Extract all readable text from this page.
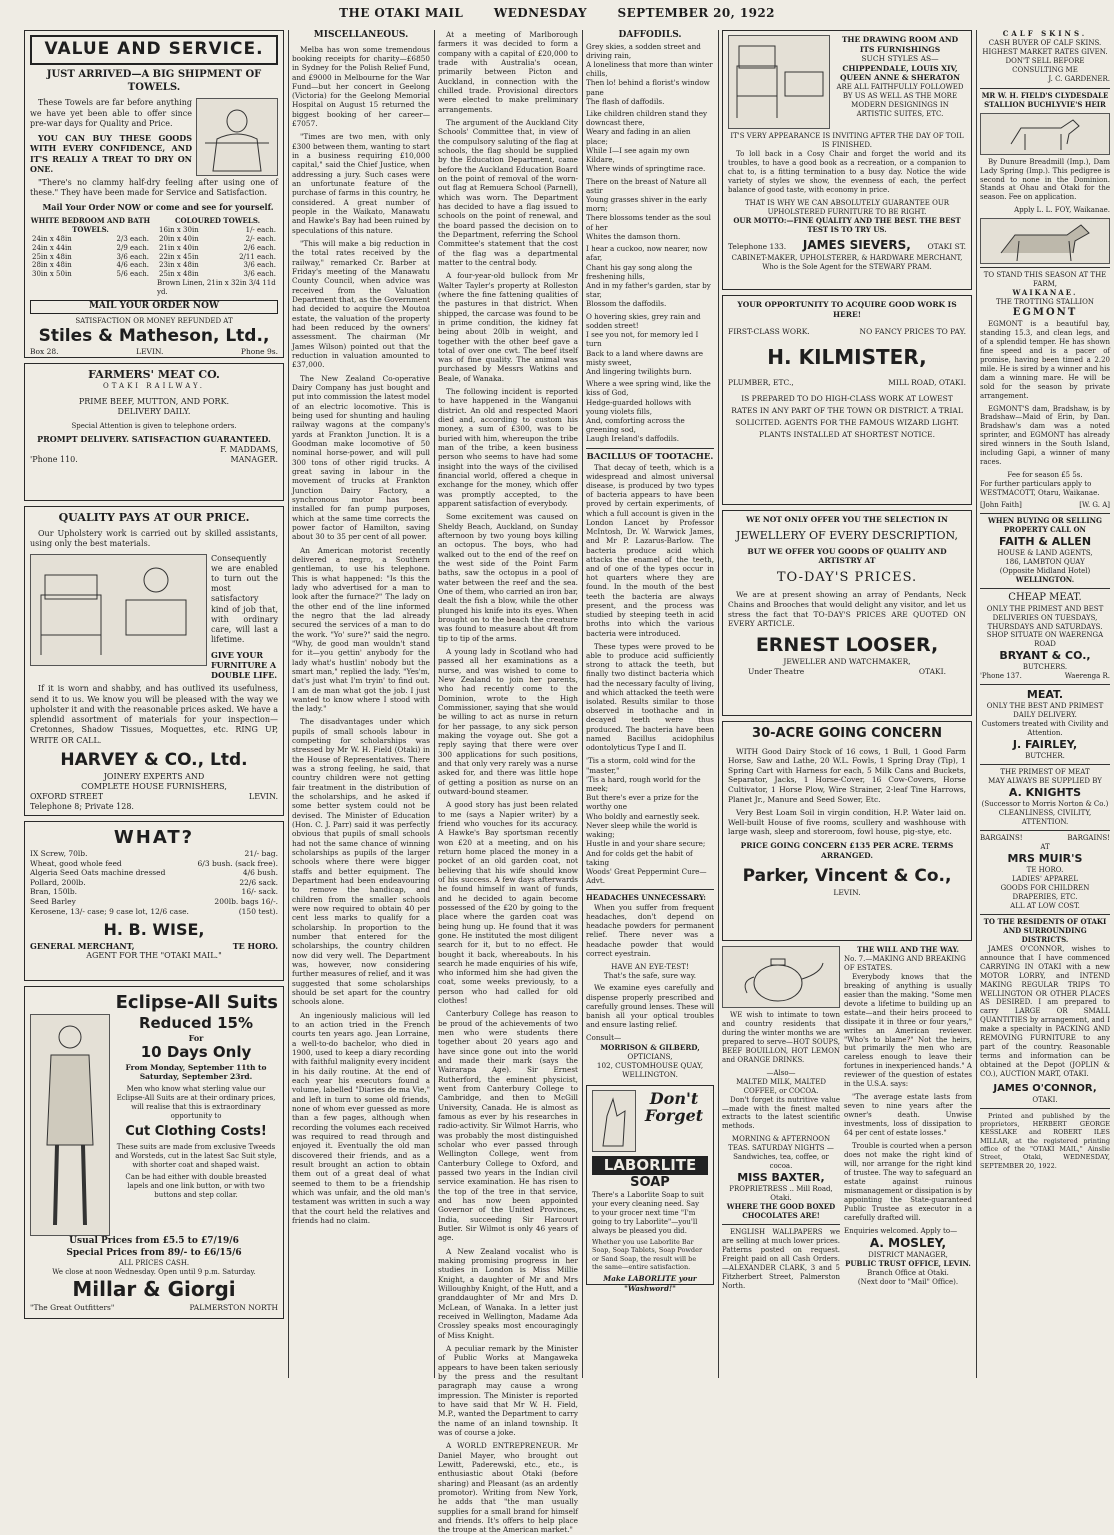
THE OTAKI MAIL	WEDNESDAY	SEPTEMBER 20, 1922
VALUE AND SERVICE.
JUST ARRIVED—A BIG SHIPMENT OF TOWELS.

These Towels are far before anything we have yet been able to offer since pre-war days for Quality and Price.

YOU CAN BUY THESE GOODS WITH EVERY CONFIDENCE, AND IT'S REALLY A TREAT TO DRY ON ONE.

"There's no clammy half-dry feeling after using one of these." They have been made for Service and Satisfaction.

Mail Your Order NOW or come and see for yourself.

WHITE BEDROOM AND BATH TOWELS.
24in x 48in	2/3 each.
24in x 44in	2/9 each.
25in x 48in	3/6 each.
28in x 48in	4/6 each.
30in x 50in	5/6 each.
COLOURED TOWELS.
16in x 30in	1/- each.
20in x 40in	2/- each.
21in x 40in	2/6 each.
22in x 45in	2/11 each.
23in x 48in	3/6 each.
25in x 48in	3/6 each.
Brown Linen, 21in x 32in 3/4 11d yd.
MAIL YOUR ORDER NOW
SATISFACTION OR MONEY REFUNDED AT
Stiles & Matheson, Ltd.,
Box 28.	LEVIN.	Phone 9s.
FARMERS' MEAT CO.
OTAKI RAILWAY.
PRIME BEEF, MUTTON, AND PORK.
DELIVERY DAILY.
Special Attention is given to telephone orders.
PROMPT DELIVERY. SATISFACTION GUARANTEED.
F. MADDAMS,
'Phone 110.	MANAGER.
QUALITY PAYS AT OUR PRICE.

Our Upholstery work is carried out by skilled assistants, using only the best materials.

Consequently we are enabled to turn out the most satisfactory kind of job that, with ordinary care, will last a lifetime.

GIVE YOUR FURNITURE A DOUBLE LIFE.

If it is worn and shabby, and has outlived its usefulness, send it to us. We know you will be pleased with the way we upholster it and with the reasonable prices asked. We have a splendid assortment of materials for your inspection—Cretonnes, Shadow Tissues, Moquettes, etc. RING UP, WRITE OR CALL.

HARVEY & CO., Ltd.
JOINERY EXPERTS AND
COMPLETE HOUSE FURNISHERS,
OXFORD STREET	LEVIN.
Telephone 8; Private 128.
WHAT?
IX Screw, 70lb.	21/- bag.
Wheat, good whole feed	6/3 bush. (sack free).
Algeria Seed Oats machine dressed	4/6 bush.
Pollard, 200lb.	22/6 sack.
Bran, 150lb.	16/- sack.
Seed Barley	200lb. bags 16/-.
Kerosene, 13/- case; 9 case lot, 12/6 case.	(150 test).
H. B. WISE,
GENERAL MERCHANT,	TE HORO.
AGENT FOR THE "OTAKI MAIL."
Eclipse-All Suits
Reduced 15%
For
10 Days Only
From Monday, September 11th to Saturday, September 23rd.
Men who know what sterling value our Eclipse-All Suits are at their ordinary prices, will realise that this is extraordinary opportunity to
Cut Clothing Costs!
These suits are made from exclusive Tweeds and Worsteds, cut in the latest Sac Suit style, with shorter coat and shaped waist.
Can be had either with double breasted lapels and one link button, or with two buttons and step collar.
Usual Prices from £5.5 to £7/19/6
Special Prices from 89/- to £6/15/6
ALL PRICES CASH.
We close at noon Wednesday. Open until 9 p.m. Saturday.
Millar & Giorgi
"The Great Outfitters"	PALMERSTON NORTH
MISCELLANEOUS.

Melba has won some tremendous booking receipts for charity—£6850 in Sydney for the Polish Relief Fund, and £9000 in Melbourne for the War Fund—but her concert in Geelong (Victoria) for the Geelong Memorial Hospital on August 15 returned the biggest booking of her career—£7057.

"Times are two men, with only £300 between them, wanting to start in a business requiring £10,000 capital," said the Chief Justice, when addressing a jury. Such cases were an unfortunate feature of the purchase of farms in this country, he considered. A great number of people in the Waikato, Manawatu and Hawke's Bay had been ruined by speculations of this nature.

"This will make a big reduction in the total rates received by the railway," remarked Cr. Barber at Friday's meeting of the Manawatu County Council, when advice was received from the Valuation Department that, as the Government had decided to acquire the Moutoa estate, the valuation of the property had been reduced by the owners' assessment. The chairman (Mr James Wilson) pointed out that the reduction in valuation amounted to £37,000.

The New Zealand Co-operative Dairy Company has just bought and put into commission the latest model of an electric locomotive. This is being used for shunting and hauling railway wagons at the company's yards at Frankton Junction. It is a Goodman make locomotive of 50 nominal horse-power, and will pull 300 tons of other rigid trucks. A great saving in labour in the movement of trucks at Frankton Junction Dairy Factory, a synchronous motor has been installed for fan pump purposes, which at the same time corrects the power factor of Hamilton, saving about 30 to 35 per cent of all power.

An American motorist recently delivered a negro, a Southern gentleman, to use his telephone. This is what happened: "Is this the lady who advertised for a man to look after the furnace?" The lady on the other end of the line informed the negro that the lad already secured the services of a man to do the work. "Yo' sure?" said the negro. "Why, de good man wouldn't stand for it—you gettin' anybody for the lady what's hustlin' nobody but the smart man," replied the lady. "Yes'm, dat's just what I'm tryin' to find out. I am de man what got the job. I just wanted to know where I stood with the lady."

The disadvantages under which pupils of small schools labour in competing for scholarships was stressed by Mr W. H. Field (Otaki) in the House of Representatives. There was a strong feeling, he said, that country children were not getting fair treatment in the distribution of the scholarships, and he asked if some better system could not be devised. The Minister of Education (Hon. C. J. Parr) said it was perfectly obvious that pupils of small schools had not the same chance of winning scholarships as pupils of the larger schools where there were bigger staffs and better equipment. The Department had been endeavouring to remove the handicap, and children from the smaller schools were now required to obtain 40 per cent less marks to qualify for a scholarship. In proportion to the number that entered for the scholarships, the country children now did very well. The Department was, however, now considering further measures of relief, and it was suggested that some scholarships should be set apart for the country schools alone.

An ingeniously malicious will led to an action tried in the French courts ten years ago. Jean Lorraine, a well-to-do bachelor, who died in 1900, used to keep a diary recording with faithful malignity every incident in his daily routine. At the end of each year his executors found a volume, labelled "Diaries de ma Vie," and left in turn to some old friends, none of whom ever guessed as more than a few pages, although when recording the volumes each received was required to read through and enjoyed it. Eventually the old man discovered their friends, and as a result brought an action to obtain them out of a great deal of what seemed to them to be a friendship which was unfair, and the old man's testament was written in such a way that the court held the relatives and friends had no claim.

At a meeting of Marlborough farmers it was decided to form a company with a capital of £20,000 to trade with Australia's ocean, primarily between Picton and Auckland, in connection with the chilled trade. Provisional directors were elected to make preliminary arrangements.

The argument of the Auckland City Schools' Committee that, in view of the compulsory saluting of the flag at schools, the flag should be supplied by the Education Department, came before the Auckland Education Board on the point of removal of the worn-out flag at Remuera School (Parnell), which was worn. The Department has decided to have a flag issued to schools on the point of renewal, and the board passed the decision on to the Department, referring the School Committee's statement that the cost of the flag was a departmental matter to the central body.

A four-year-old bullock from Mr Walter Tayler's property at Rolleston (where the fine fattening qualities of the pastures in that district. When shipped, the carcase was found to be in prime condition, the kidney fat being about 20lb in weight, and together with the other beef gave a total of over one cwt. The beef itself was of fine quality. The animal was purchased by Messrs Watkins and Beale, of Wanaka.

The following incident is reported to have happened in the Wanganui district. An old and respected Maori died and, according to custom his money, a sum of £300, was to be buried with him, whereupon the tribe man of the tribe, a keen business person who seems to have had some insight into the ways of the civilised financial world, offered a cheque in exchange for the money, which offer was promptly accepted, to the apparent satisfaction of everybody.

Some excitement was caused on Sheldy Beach, Auckland, on Sunday afternoon by two young boys killing an octopus. The boys, who had walked out to the end of the reef on the west side of the Point Farm baths, saw the octopus in a pool of water between the reef and the sea. One of them, who carried an iron bar, dealt the fish a blow, while the other plunged his knife into its eyes. When brought on to the beach the creature was found to measure about 4ft from tip to tip of the arms.

A young lady in Scotland who had passed all her examinations as a nurse, and was wished to come to New Zealand to join her parents, who had recently come to the Dominion, wrote to the High Commissioner, saying that she would be willing to act as nurse in return for her passage, to any sick person making the voyage out. She got a reply saying that there were over 300 applications for such positions, and that only very rarely was a nurse asked for, and there was little hope of getting a position as nurse on an outward-bound steamer.

A good story has just been related to me (says a Napier writer) by a friend who vouches for its accuracy. A Hawke's Bay sportsman recently won £20 at a meeting, and on his return home placed the money in a pocket of an old garden coat, not believing that his wife should know of his success. A few days afterwards he found himself in want of funds, and he decided to again become possessed of the £20 by going to the place where the garden coat was being hung up. He found that it was gone. He instituted the most diligent search for it, but to no effect. He bought it back, whereabouts. In his search he made enquiries of his wife, who informed him she had given the coat, some weeks previously, to a person who had called for old clothes!

Canterbury College has reason to be proud of the achievements of two men who were students there together about 20 years ago and have since gone out into the world and made their mark (says the Wairarapa Age). Sir Ernest Rutherford, the eminent physicist, went from Canterbury College to Cambridge, and then to McGill University, Canada. He is almost as famous as ever by his researches in radio-activity. Sir Wilmot Harris, who was probably the most distinguished scholar who ever passed through Wellington College, went from Canterbury College to Oxford, and passed two years in the Indian civil service examination. He has risen to the top of the tree in that service, and has now been appointed Governor of the United Provinces, India, succeeding Sir Harcourt Butler. Sir Wilmot is only 46 years of age.

A New Zealand vocalist who is making promising progress in her studies in London is Miss Millie Knight, a daughter of Mr and Mrs Willoughby Knight, of the Hutt, and a granddaughter of Mr and Mrs D. McLean, of Wanaka. In a letter just received in Wellington, Madame Ada Crossley speaks most encouragingly of Miss Knight.

A peculiar remark by the Minister of Public Works at Mangaweka appears to have been taken seriously by the press and the resultant paragraph may cause a wrong impression. The Minister is reported to have said that Mr W. H. Field, M.P., wanted the Department to carry the name of an inland township. It was of course a joke.

A WORLD ENTREPRENEUR. Mr Daniel Mayer, who brought out Lewitt, Paderewski, etc., etc., is enthusiastic about Otaki (before sharing) and Pleasant (as an ardently promotor). Writing from New York, he adds that "the man usually supplies for a small brand for himself and friends. It's offers to help place the troupe at the American market."

DAFFODILS.
Grey skies, a sodden street and driving rain,
A loneliness that more than winter chills,
Then lo! behind a florist's window pane
The flash of daffodils.
Like children children stand they downcast there,
Weary and fading in an alien place;
While I—I see again my own Kildare,
Where winds of springtime race.
There on the breast of Nature all astir
Young grasses shiver in the early morn;
There blossoms tender as the soul of her
Whites the damson thorn.
I hear a cuckoo, now nearer, now afar,
Chant his gay song along the freshening hills,
And in my father's garden, star by star,
Blossom the daffodils.
O hovering skies, grey rain and sodden street!
I see you not, for memory led I turn
Back to a land where dawns are misty sweet,
And lingering twilights burn.
Where a wee spring wind, like the kiss of God,
Hedge-guarded hollows with young violets fills,
And, comforting across the greening sod,
Laugh Ireland's daffodils.
BACILLUS OF TOOTACHE.

That decay of teeth, which is a widespread and almost universal disease, is produced by two types of bacteria appears to have been proved by certain experiments, of which a full account is given in the London Lancet by Professor McIntosh, Dr. W. Warwick James, and Mr P. Lazarus-Barlow. The bacteria produce acid which attacks the enamel of the teeth, and of one of the types occur in hot quarters where they are found. In the mouth of the best teeth the bacteria are always present, and the process was studied by steeping teeth in acid broths into which the various bacteria were introduced.

These types were proved to be able to produce acid sufficiently strong to attack the teeth, but finally two distinct bacteria which had the necessary faculty of living, and which attacked the teeth were isolated. Results similar to those observed in toothache and in decayed teeth were thus produced. The bacteria have been named Bacillus acidophilus odontolyticus Type I and II.

'Tis a storm, cold wind for the "master,"
'Tis a hard, rough world for the meek;
But there's ever a prize for the worthy one
Who boldly and earnestly seek.
Never sleep while the world is waking;
Hustle in and your share secure;
And for colds get the habit of taking
Woods' Great Peppermint Cure—Advt.
HEADACHES UNNECESSARY:

When you suffer from frequent headaches, don't depend on headache powders for permanent relief. There never was a headache powder that would correct eyestrain.

HAVE AN EYE-TEST!
That's the safe, sure way.

We examine eyes carefully and dispense properly prescribed and carefully ground lenses. These will banish all your optical troubles and ensure lasting relief.

Consult—
MORRISON & GILBERD,
OPTICIANS,
102, CUSTOMHOUSE QUAY, WELLINGTON.
Don't
Forget
LABORLITE
SOAP
There's a Laborlite Soap to suit your every cleaning need. Say to your grocer next time "I'm going to try Laborlite"—you'll always be pleased you did.
Whether you use Laborlite Bar Soap, Soap Tablets, Soap Powder or Sand Soap, the result will be the same—entire satisfaction.
Make LABORLITE your "Washword!"
THE DRAWING ROOM AND ITS FURNISHINGS
SUCH STYLES AS—
CHIPPENDALE, LOUIS XIV,
QUEEN ANNE & SHERATON
ARE ALL FAITHFULLY FOLLOWED BY US AS WELL AS THE MORE MODERN DESIGNINGS IN ARTISTIC SUITES, ETC.
IT'S VERY APPEARANCE IS INVITING AFTER THE DAY OF TOIL IS FINISHED.

To loll back in a Cosy Chair and forget the world and its troubles, to have a good book as a recreation, or a companion to chat to, is a fitting termination to a busy day. Notice the wide variety of styles we show, the evenness of each, the perfect balance of good taste, with economy in price.

THAT IS WHY WE CAN ABSOLUTELY GUARANTEE OUR UPHOLSTERED FURNITURE TO BE RIGHT.
OUR MOTTO:—FINE QUALITY AND THE BEST. THE BEST TEST IS TO TRY US.
Telephone 133. JAMES SIEVERS, OTAKI ST.
CABINET-MAKER, UPHOLSTERER, & HARDWARE MERCHANT,
Who is the Sole Agent for the STEWARY PRAM.
YOUR OPPORTUNITY TO ACQUIRE GOOD WORK IS HERE!
FIRST-CLASS WORK.	NO FANCY PRICES TO PAY.
H. KILMISTER,
PLUMBER, ETC.,	MILL ROAD, OTAKI.
IS PREPARED TO DO HIGH-CLASS WORK AT LOWEST RATES IN ANY PART OF THE TOWN OR DISTRICT. A TRIAL SOLICITED. AGENTS FOR THE FAMOUS WIZARD LIGHT. PLANTS INSTALLED AT SHORTEST NOTICE.
WE NOT ONLY OFFER YOU THE SELECTION IN
JEWELLERY OF EVERY DESCRIPTION,
BUT WE OFFER YOU GOODS OF QUALITY AND ARTISTRY AT
TO-DAY'S PRICES.

We are at present showing an array of Pendants, Neck Chains and Brooches that would delight any visitor, and let us stress the fact that TO-DAY'S PRICES ARE QUOTED ON EVERY ARTICLE.

ERNEST LOOSER,
JEWELLER AND WATCHMAKER,
Under Theatre	OTAKI.
30-ACRE GOING CONCERN

WITH Good Dairy Stock of 16 cows, 1 Bull, 1 Good Farm Horse, Saw and Lathe, 20 W.L. Fowls, 1 Spring Dray (Tip), 1 Spring Cart with Harness for each, 5 Milk Cans and Buckets, Separator, Jacks, 1 Horse-Cover, 16 Cow-Covers, Horse Cultivator, 1 Horse Plow, Wire Strainer, 2-leaf Tine Harrows, Planet Jr., Manure and Seed Sower, Etc.

Very Best Loam Soil in virgin condition, H.P. Water laid on. Well-built House of five rooms, scullery and washhouse with large wash, sleep and storeroom, fowl house, pig-stye, etc.

PRICE GOING CONCERN £135 PER ACRE. TERMS ARRANGED.
Parker, Vincent & Co.,
LEVIN.

WE wish to intimate to town and country residents that during the winter months we are prepared to serve—HOT SOUPS, BEEF BOUILLON, HOT LEMON and ORANGE DRINKS.

—Also—
MALTED MILK, MALTED COFFEE, or COCOA.

Don't forget its nutritive value—made with the finest malted extracts to the latest scientific methods.

MORNING & AFTERNOON TEAS. SATURDAY NIGHTS — Sandwiches, tea, coffee, or cocoa.
MISS BAXTER,
PROPRIETRESS .. Mill Road, Otaki.
WHERE THE GOOD BOXED CHOCOLATES ARE!

ENGLISH WALLPAPERS we are selling at much lower prices. Patterns posted on request. Freight paid on all Cash Orders.—ALEXANDER CLARK, 3 and 5 Fitzherbert Street, Palmerston North.

THE WILL AND THE WAY.
No. 7.—MAKING AND BREAKING OF ESTATES.

Everybody knows that the breaking of anything is usually easier than the making. "Some men devote a lifetime to building up an estate—and their heirs proceed to dissipate it in three or four years," writes an American reviewer. "Who's to blame?" Not the heirs, but primarily the men who are careless enough to leave their fortunes in inexperienced hands." A reviewer of the question of estates in the U.S.A. says:

"The average estate lasts from seven to nine years after the owner's death. Unwise investments, loss of dissipation to 64 per cent of estate losses."

Trouble is courted when a person does not make the right kind of will, nor arrange for the right kind of trustee. The way to safeguard an estate against ruinous mismanagement or dissipation is by appointing the State-guaranteed Public Trustee as executor in a carefully drafted will.

Enquiries welcomed. Apply to—
A. MOSLEY,
DISTRICT MANAGER,
PUBLIC TRUST OFFICE, LEVIN.
Branch Office at Otaki.
(Next door to "Mail" Office).
CALF SKINS.
CASH BUYER OF CALF SKINS. HIGHEST MARKET RATES GIVEN. DON'T SELL BEFORE CONSULTING ME
J. C. GARDENER.
MR W. H. FIELD'S CLYDESDALE STALLION BUCHLYVIE'S HEIR

By Dunure Breadmill (Imp.), Dam Lady Spring (Imp.). This pedigree is second to none in the Dominion. Stands at Ohau and Otaki for the season. Fee on application.

Apply L. L. FOY, Waikanae.
TO STAND THIS SEASON AT THE FARM,
WAIKANAE.
THE TROTTING STALLION
EGMONT

EGMONT is a beautiful bay, standing 15.3, and clean legs, and of a splendid temper. He has shown fine speed and is a pacer of promise, having been timed a 2.20 mile. He is sired by a winner and his dam a winning mare. He will be sold for the season by private arrangement.

EGMONT'S dam, Bradshaw, is by Bradshaw—Maid of Erin, by Dan. Bradshaw's dam was a noted sprinter, and EGMONT has already sired winners in the South Island, including Gapi, a winner of many races.

Fee for season £5 5s.
For further particulars apply to WESTMACOTT, Otaru, Waikanae.
[John Faith]	[W. G. A]
WHEN BUYING OR SELLING PROPERTY CALL ON
FAITH & ALLEN
HOUSE & LAND AGENTS,
186, LAMBTON QUAY
(Opposite Midland Hotel)
WELLINGTON.
CHEAP MEAT.
ONLY THE PRIMEST AND BEST
DELIVERIES ON TUESDAYS, THURSDAYS AND SATURDAYS.
SHOP SITUATE ON WAERENGA ROAD
BRYANT & CO.,
BUTCHERS.
'Phone 137.	Waerenga R.
MEAT.
ONLY THE BEST AND PRIMEST DAILY DELIVERY.
Customers treated with Civility and Attention.
J. FAIRLEY,
BUTCHER.
THE PRIMEST OF MEAT
MAY ALWAYS BE SUPPLIED BY
A. KNIGHTS
(Successor to Morris Norton & Co.)
CLEANLINESS, CIVILITY, ATTENTION.
BARGAINS!	BARGAINS!
AT
MRS MUIR'S
TE HORO.
LADIES' APPAREL
GOODS FOR CHILDREN
DRAPERIES, ETC.
ALL AT LOW COST.
TO THE RESIDENTS OF OTAKI AND SURROUNDING DISTRICTS.

JAMES O'CONNOR, wishes to announce that I have commenced CARRYING IN OTAKI with a new MOTOR LORRY, and INTEND MAKING REGULAR TRIPS TO WELLINGTON OR OTHER PLACES AS DESIRED. I am prepared to carry LARGE OR SMALL QUANTITIES by arrangement, and I make a specialty in PACKING AND REMOVING FURNITURE to any part of the country. Reasonable terms and information can be obtained at the Depot (JOPLIN & CO.), AUCTION MART, OTAKI.

JAMES O'CONNOR,
OTAKI.

Printed and published by the proprietors, HERBERT GEORGE KESSLAKE and ROBERT ILES MILLAR, at the registered printing office of the "OTAKI MAIL," Ainslie Street, Otaki, WEDNESDAY, SEPTEMBER 20, 1922.
